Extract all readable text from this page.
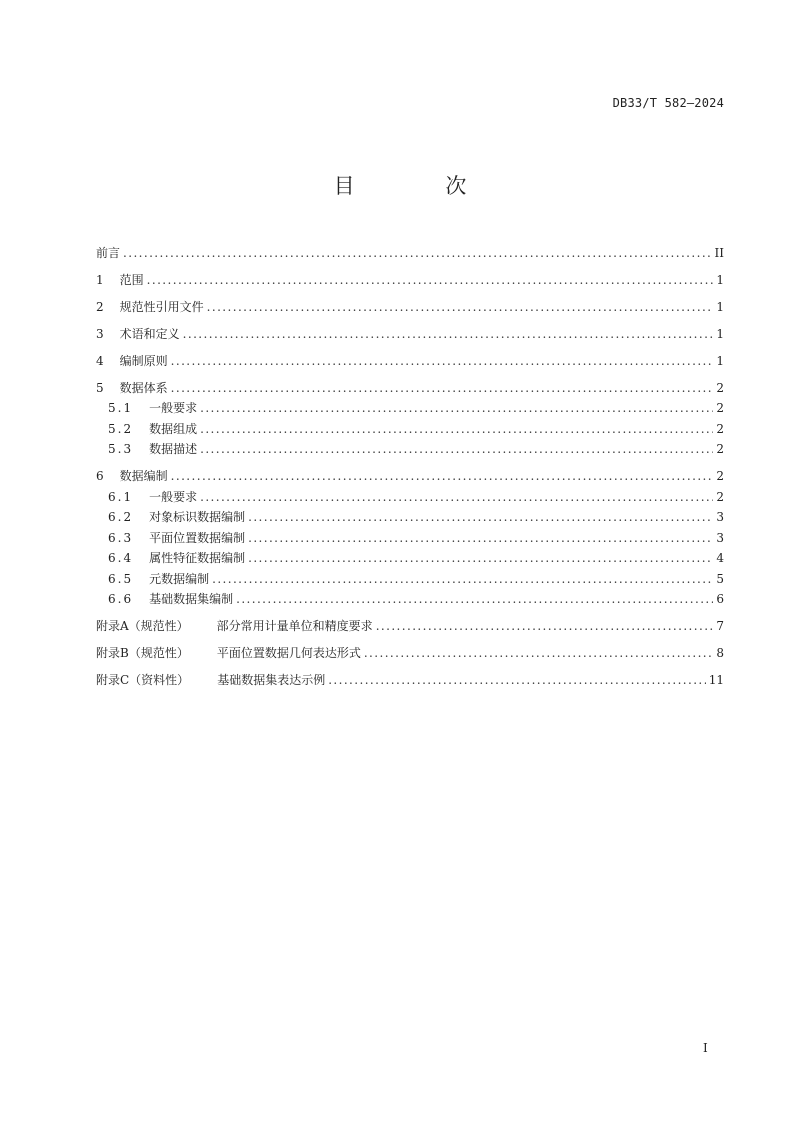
DB33/T 582—2024
目 次
前言 .....	II
1 范围 .....	1
2 规范性引用文件 .....	1
3 术语和定义 .....	1
4 编制原则 .....	1
5 数据体系 .....	2
5.1 一般要求 .....	2
5.2 数据组成 .....	2
5.3 数据描述 .....	2
6 数据编制 .....	2
6.1 一般要求 .....	2
6.2 对象标识数据编制 .....	3
6.3 平面位置数据编制 .....	3
6.4 属性特征数据编制 .....	4
6.5 元数据编制 .....	5
6.6 基础数据集编制 .....	6
附录A（规范性） 部分常用计量单位和精度要求 .....	7
附录B（规范性） 平面位置数据几何表达形式 .....	8
附录C（资料性） 基础数据集表达示例 .....	11
I
